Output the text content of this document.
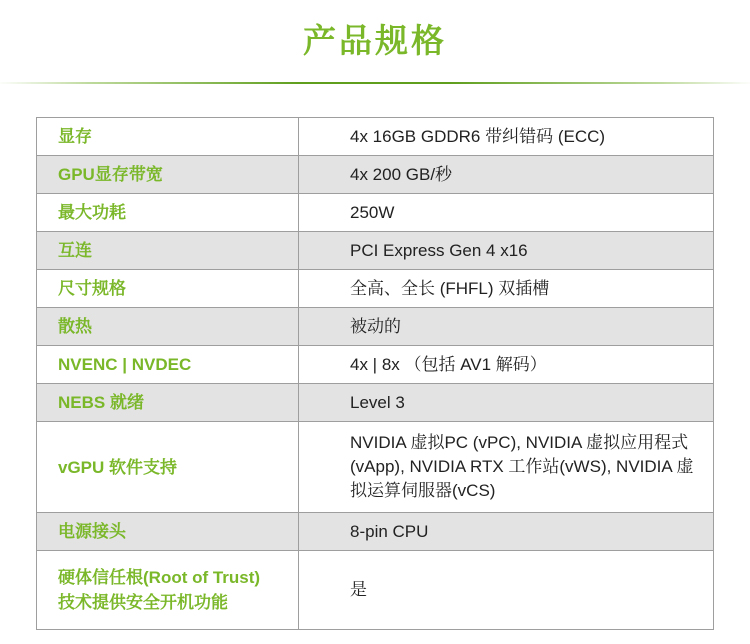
产品规格
显存	4x 16GB GDDR6 带纠错码 (ECC)
GPU显存带宽	4x 200 GB/秒
最大功耗	250W
互连	PCI Express Gen 4 x16
尺寸规格	全高、全长 (FHFL) 双插槽
散热	被动的
NVENC | NVDEC	4x | 8x （包括 AV1 解码）
NEBS 就绪	Level 3
vGPU 软件支持	NVIDIA 虚拟PC (vPC), NVIDIA 虚拟应用程式 (vApp), NVIDIA RTX 工作站(vWS), NVIDIA 虚拟运算伺服器(vCS)
电源接头	8-pin CPU
硬体信任根(Root of Trust)技术提供安全开机功能	是
